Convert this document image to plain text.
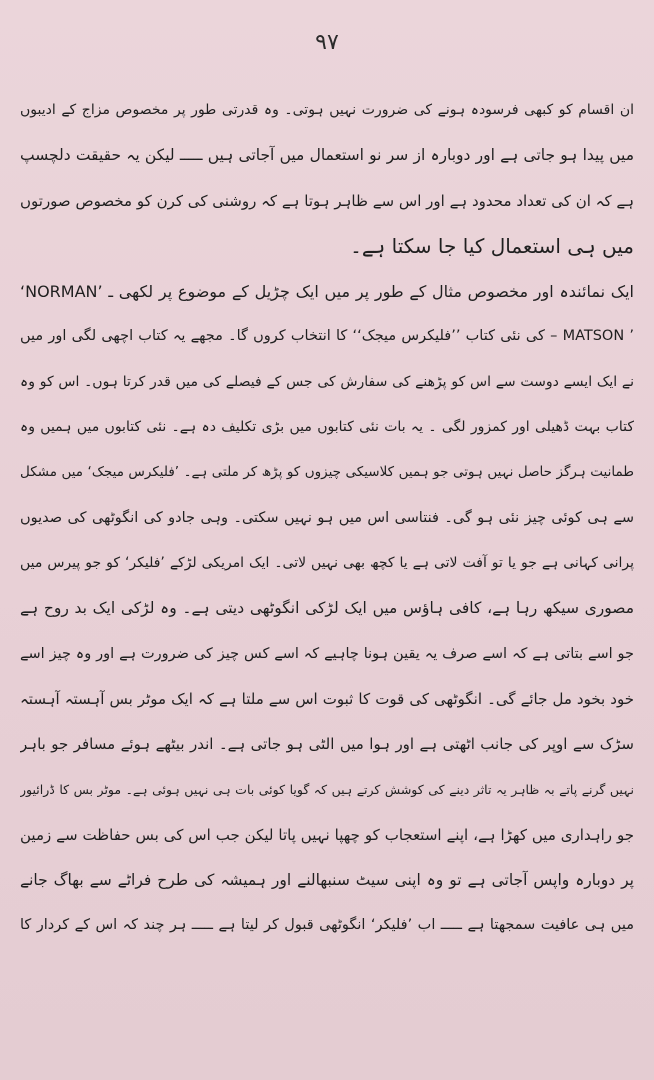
۹۷
ان اقسام کو کبھی فرسودہ ہونے کی ضرورت نہیں ہوتی۔ وہ قدرتی طور پر مخصوص مزاج کے ادیبوں
میں پیدا ہو جاتی ہے اور دوبارہ از سر نو استعمال میں آجاتی ہیں ـــــ لیکن یہ حقیقت دلچسپ
ہے کہ ان کی تعداد محدود ہے اور اس سے ظاہر ہوتا ہے کہ روشنی کی کرن کو مخصوص صورتوں
میں ہی استعمال کیا جا سکتا ہے۔
ایک نمائندہ اور مخصوص مثال کے طور پر میں ایک چڑیل کے موضوع پر لکھی ـ ’NORMAN‘
’ MATSON – کی نئی کتاب ’’فلیکرس میجک‘‘ کا انتخاب کروں گا۔ مجھے یہ کتاب اچھی لگی اور میں
نے ایک ایسے دوست سے اس کو پڑھنے کی سفارش کی جس کے فیصلے کی میں قدر کرتا ہوں۔ اس کو وہ
کتاب بہت ڈھیلی اور کمزور لگی ۔ یہ بات نئی کتابوں میں بڑی تکلیف دہ ہے۔ نئی کتابوں میں ہمیں وہ
طمانیت ہرگز حاصل نہیں ہوتی جو ہمیں کلاسیکی چیزوں کو پڑھ کر ملتی ہے۔ ’فلیکرس میجک‘ میں مشکل
سے ہی کوئی چیز نئی ہو گی۔ فنتاسی اس میں ہو نہیں سکتی۔ وہی جادو کی انگوٹھی کی صدیوں
پرانی کہانی ہے جو یا تو آفت لاتی ہے یا کچھ بھی نہیں لاتی۔ ایک امریکی لڑکے ’فلیکر‘ کو جو پیرس میں
مصوری سیکھ رہا ہے، کافی ہاؤس میں ایک لڑکی انگوٹھی دیتی ہے۔ وہ لڑکی ایک بد روح ہے
جو اسے بتاتی ہے کہ اسے صرف یہ یقین ہونا چاہیے کہ اسے کس چیز کی ضرورت ہے اور وہ چیز اسے
خود بخود مل جائے گی۔ انگوٹھی کی قوت کا ثبوت اس سے ملتا ہے کہ ایک موٹر بس آہستہ آہستہ
سڑک سے اوپر کی جانب اٹھتی ہے اور ہوا میں الٹی ہو جاتی ہے۔ اندر بیٹھے ہوئے مسافر جو باہر
نہیں گرنے پاتے بہ ظاہر یہ تاثر دینے کی کوشش کرتے ہیں کہ گویا کوئی بات ہی نہیں ہوئی ہے۔ موٹر بس کا ڈرائیور
جو راہداری میں کھڑا ہے، اپنے استعجاب کو چھپا نہیں پاتا لیکن جب اس کی بس حفاظت سے زمین
پر دوبارہ واپس آجاتی ہے تو وہ اپنی سیٹ سنبھالنے اور ہمیشہ کی طرح فراٹے سے بھاگ جانے
میں ہی عافیت سمجھتا ہے ـــــ اب ’فلیکر‘ انگوٹھی قبول کر لیتا ہے ـــــ ہر چند کہ اس کے کردار کا
